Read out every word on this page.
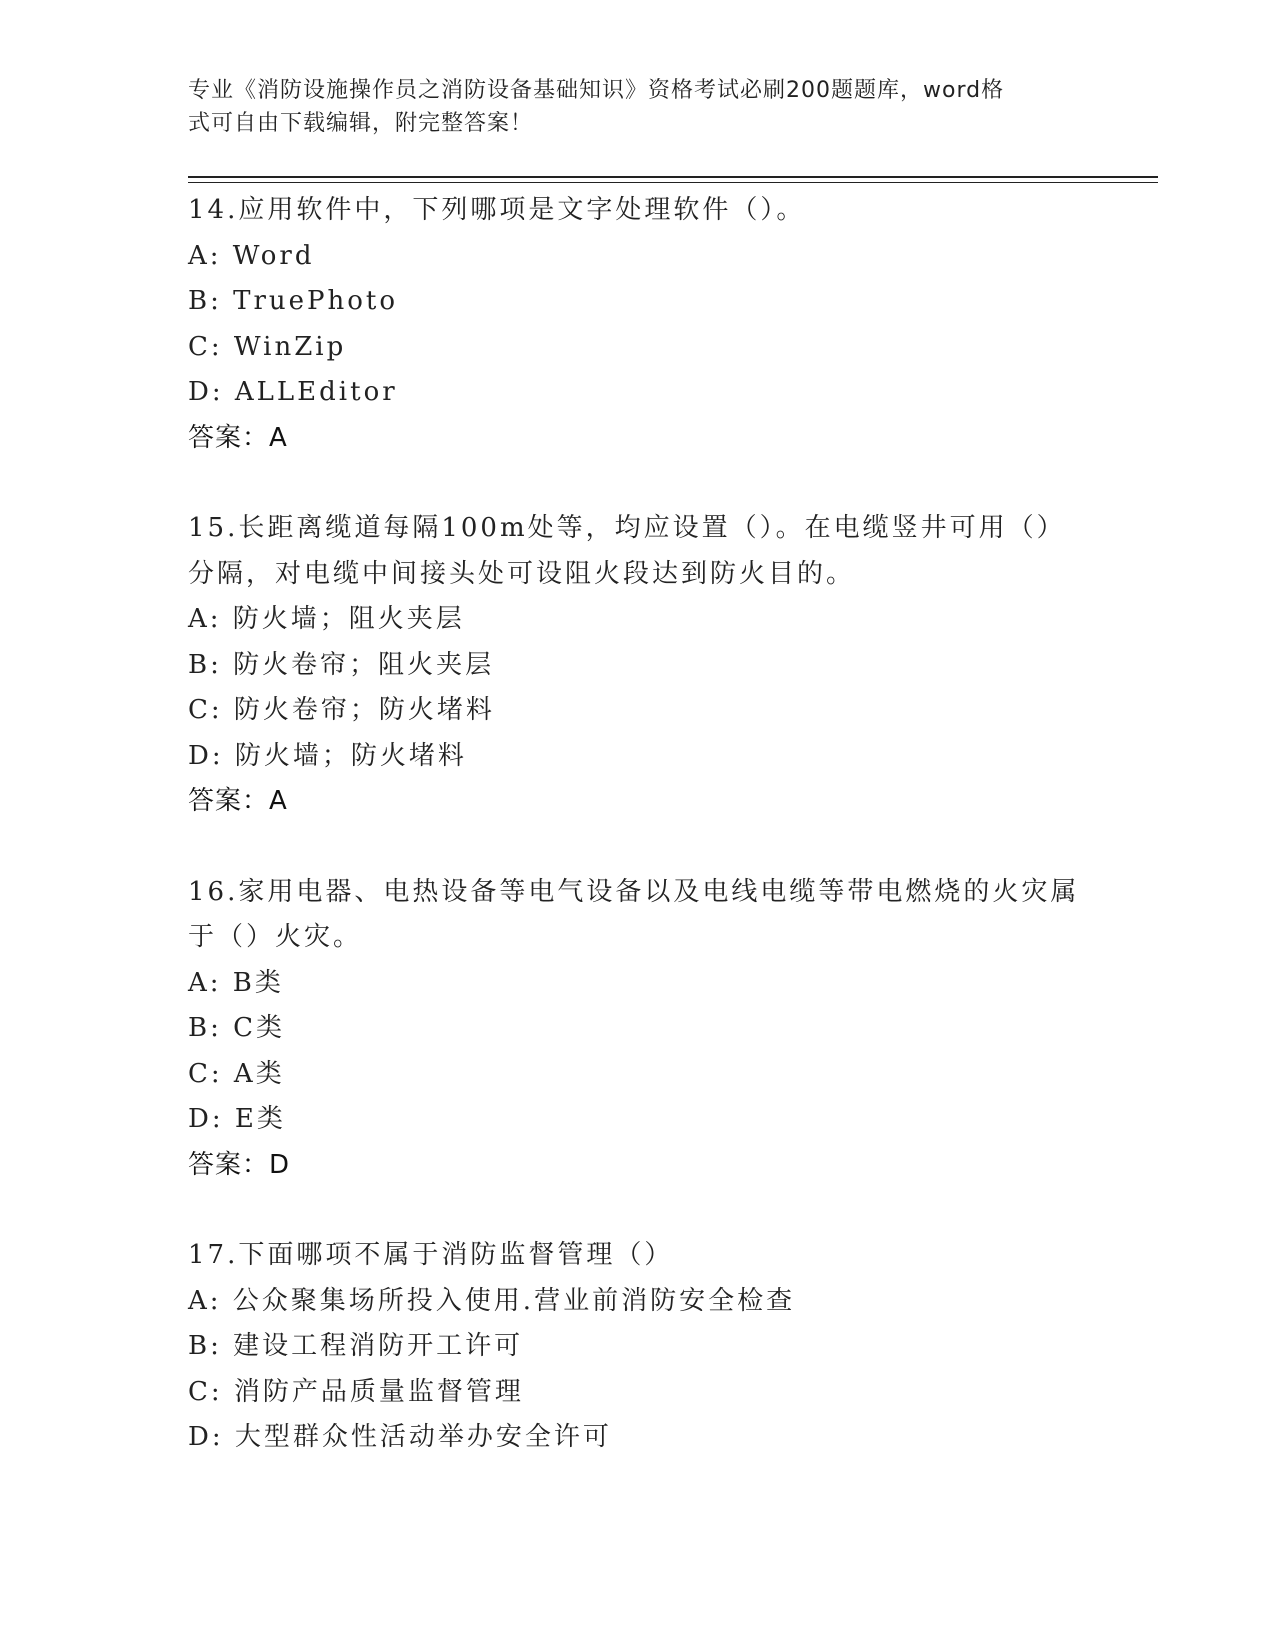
专业《消防设施操作员之消防设备基础知识》资格考试必刷200题题库，word格
式可自由下载编辑，附完整答案！
14.应用软件中，下列哪项是文字处理软件（）。
A: Word
B: TruePhoto
C: WinZip
D: ALLEditor
答案：A
15.长距离缆道每隔100m处等，均应设置（）。在电缆竖井可用（）
分隔，对电缆中间接头处可设阻火段达到防火目的。
A: 防火墙；阻火夹层
B: 防火卷帘；阻火夹层
C: 防火卷帘；防火堵料
D: 防火墙；防火堵料
答案：A
16.家用电器、电热设备等电气设备以及电线电缆等带电燃烧的火灾属
于（）火灾。
A: B类
B: C类
C: A类
D: E类
答案：D
17.下面哪项不属于消防监督管理（）
A: 公众聚集场所投入使用.营业前消防安全检查
B: 建设工程消防开工许可
C: 消防产品质量监督管理
D: 大型群众性活动举办安全许可
